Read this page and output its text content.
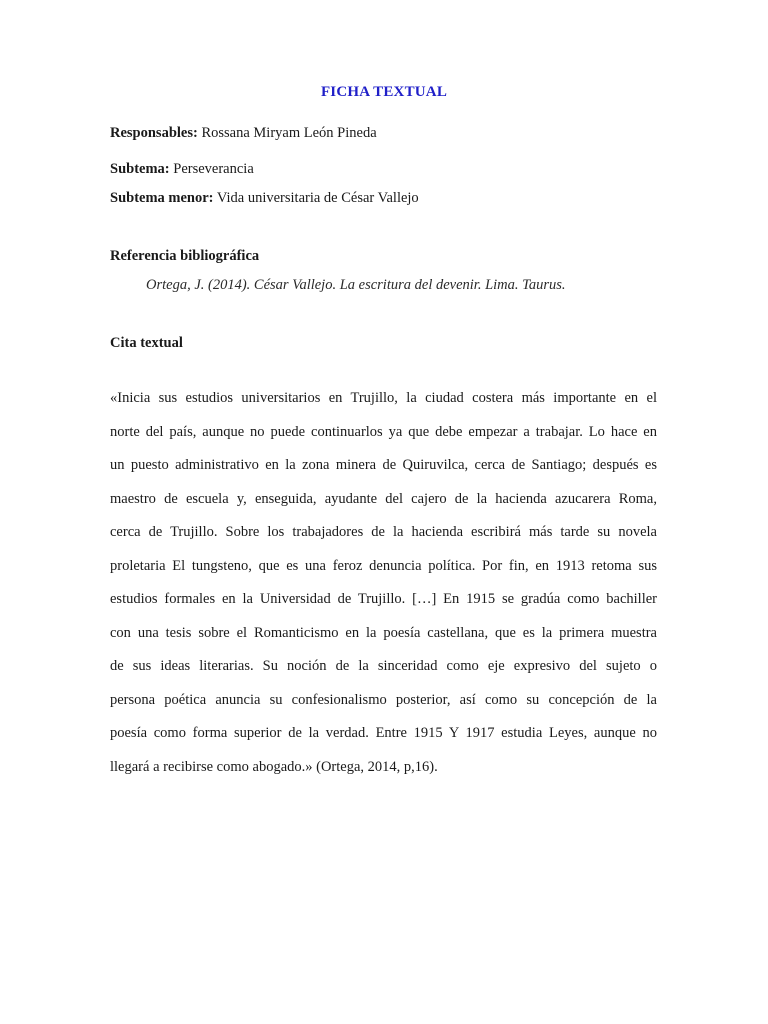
FICHA TEXTUAL
Responsables: Rossana Miryam León Pineda
Subtema: Perseverancia
Subtema menor: Vida universitaria de César Vallejo
Referencia bibliográfica
Ortega, J. (2014). César Vallejo. La escritura del devenir. Lima. Taurus.
Cita textual
«Inicia sus estudios universitarios en Trujillo, la ciudad costera más importante en el
norte del país, aunque no puede continuarlos ya que debe empezar a trabajar. Lo hace en
un puesto administrativo en la zona minera de Quiruvilca, cerca de Santiago; después es
maestro de escuela y, enseguida, ayudante del cajero de la hacienda azucarera Roma,
cerca de Trujillo. Sobre los trabajadores de la hacienda escribirá más tarde su novela
proletaria El tungsteno, que es una feroz denuncia política. Por fin, en 1913 retoma sus
estudios formales en la Universidad de Trujillo. […] En 1915 se gradúa como bachiller
con una tesis sobre el Romanticismo en la poesía castellana, que es la primera muestra
de sus ideas literarias. Su noción de la sinceridad como eje expresivo del sujeto o
persona poética anuncia su confesionalismo posterior, así como su concepción de la
poesía como forma superior de la verdad. Entre 1915 Y 1917 estudia Leyes, aunque no
llegará a recibirse como abogado.» (Ortega, 2014, p,16).
